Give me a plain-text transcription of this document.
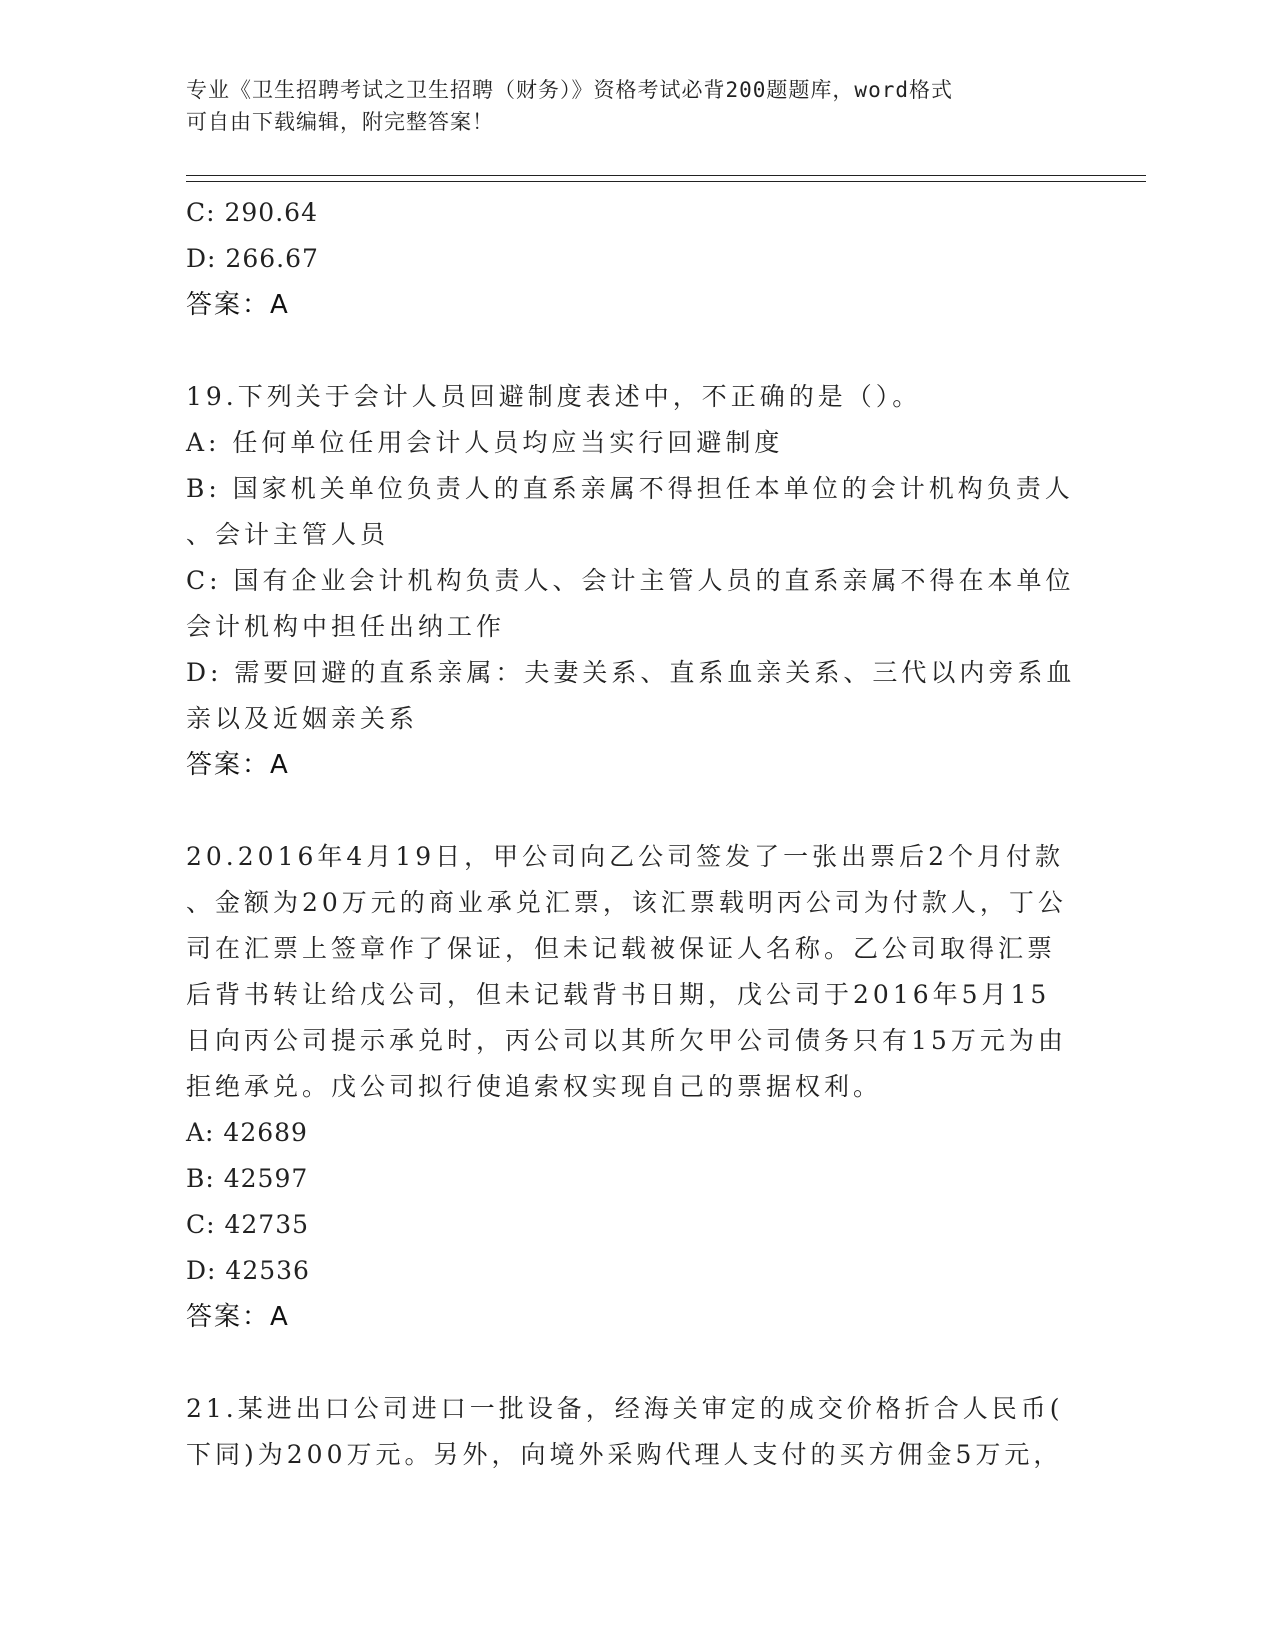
专业《卫生招聘考试之卫生招聘（财务）》资格考试必背200题题库，word格式
可自由下载编辑，附完整答案！
C: 290.64
D: 266.67
答案：A
19.下列关于会计人员回避制度表述中，不正确的是（）。
A: 任何单位任用会计人员均应当实行回避制度
B: 国家机关单位负责人的直系亲属不得担任本单位的会计机构负责人
、会计主管人员
C: 国有企业会计机构负责人、会计主管人员的直系亲属不得在本单位
会计机构中担任出纳工作
D: 需要回避的直系亲属：夫妻关系、直系血亲关系、三代以内旁系血
亲以及近姻亲关系
答案：A
20.2016年4月19日，甲公司向乙公司签发了一张出票后2个月付款
、金额为20万元的商业承兑汇票，该汇票载明丙公司为付款人，丁公
司在汇票上签章作了保证，但未记载被保证人名称。乙公司取得汇票
后背书转让给戊公司，但未记载背书日期，戊公司于2016年5月15
日向丙公司提示承兑时，丙公司以其所欠甲公司债务只有15万元为由
拒绝承兑。戊公司拟行使追索权实现自己的票据权利。
A: 42689
B: 42597
C: 42735
D: 42536
答案：A
21.某进出口公司进口一批设备，经海关审定的成交价格折合人民币(
下同)为200万元。另外，向境外采购代理人支付的买方佣金5万元，
